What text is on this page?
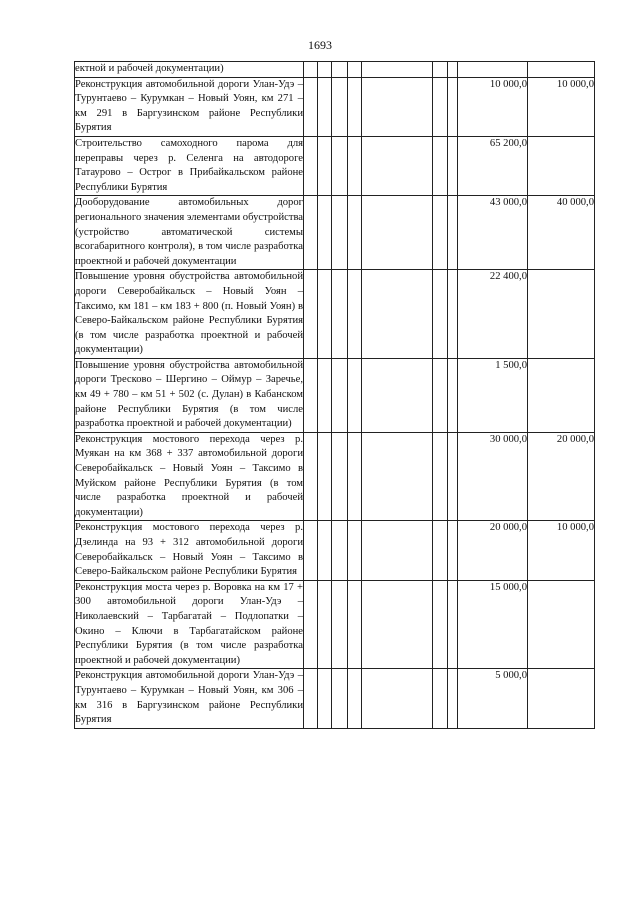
1693
ектной и рабочей документации)									
Реконструкция автомобильной дороги Улан-Удэ – Турунтаево – Курумкан – Новый Уоян, км 271 – км 291 в Баргузинском районе Республики Бурятия								10 000,0	10 000,0
Строительство самоходного парома для переправы через р. Селенга на автодороге Татаурово – Острог в Прибайкальском районе Республики Бурятия								65 200,0	
Дооборудование автомобильных дорог регионального значения элементами обустройства (устройство автоматической системы всогабаритного контроля), в том числе разработка проектной и рабочей документации								43 000,0	40 000,0
Повышение уровня обустройства автомобильной дороги Северобайкальск – Новый Уоян – Таксимо, км 181 – км 183 + 800 (п. Новый Уоян) в Северо-Байкальском районе Республики Бурятия (в том числе разработка проектной и рабочей документации)								22 400,0	
Повышение уровня обустройства автомобильной дороги Тресково – Шергино – Оймур – Заречье, км 49 + 780 – км 51 + 502 (с. Дулан) в Кабанском районе Республики Бурятия (в том числе разработка проектной и рабочей документации)								1 500,0	
Реконструкция мостового перехода через р. Муякан на км 368 + 337 автомобильной дороги Северобайкальск – Новый Уоян – Таксимо в Муйском районе Республики Бурятия (в том числе разработка проектной и рабочей документации)								30 000,0	20 000,0
Реконструкция мостового перехода через р. Дзелинда на 93 + 312 автомобильной дороги Северобайкальск – Новый Уоян – Таксимо в Северо-Байкальском районе Республики Бурятия								20 000,0	10 000,0
Реконструкция моста через р. Воровка на км 17 + 300 автомобильной дороги Улан-Удэ – Николаевский – Тарбагатай – Подлопатки – Окино – Ключи в Тарбагатайском районе Республики Бурятия (в том числе разработка проектной и рабочей документации)								15 000,0	
Реконструкция автомобильной дороги Улан-Удэ – Турунтаево – Курумкан – Новый Уоян, км 306 – км 316 в Баргузинском районе Республики Бурятия								5 000,0	
